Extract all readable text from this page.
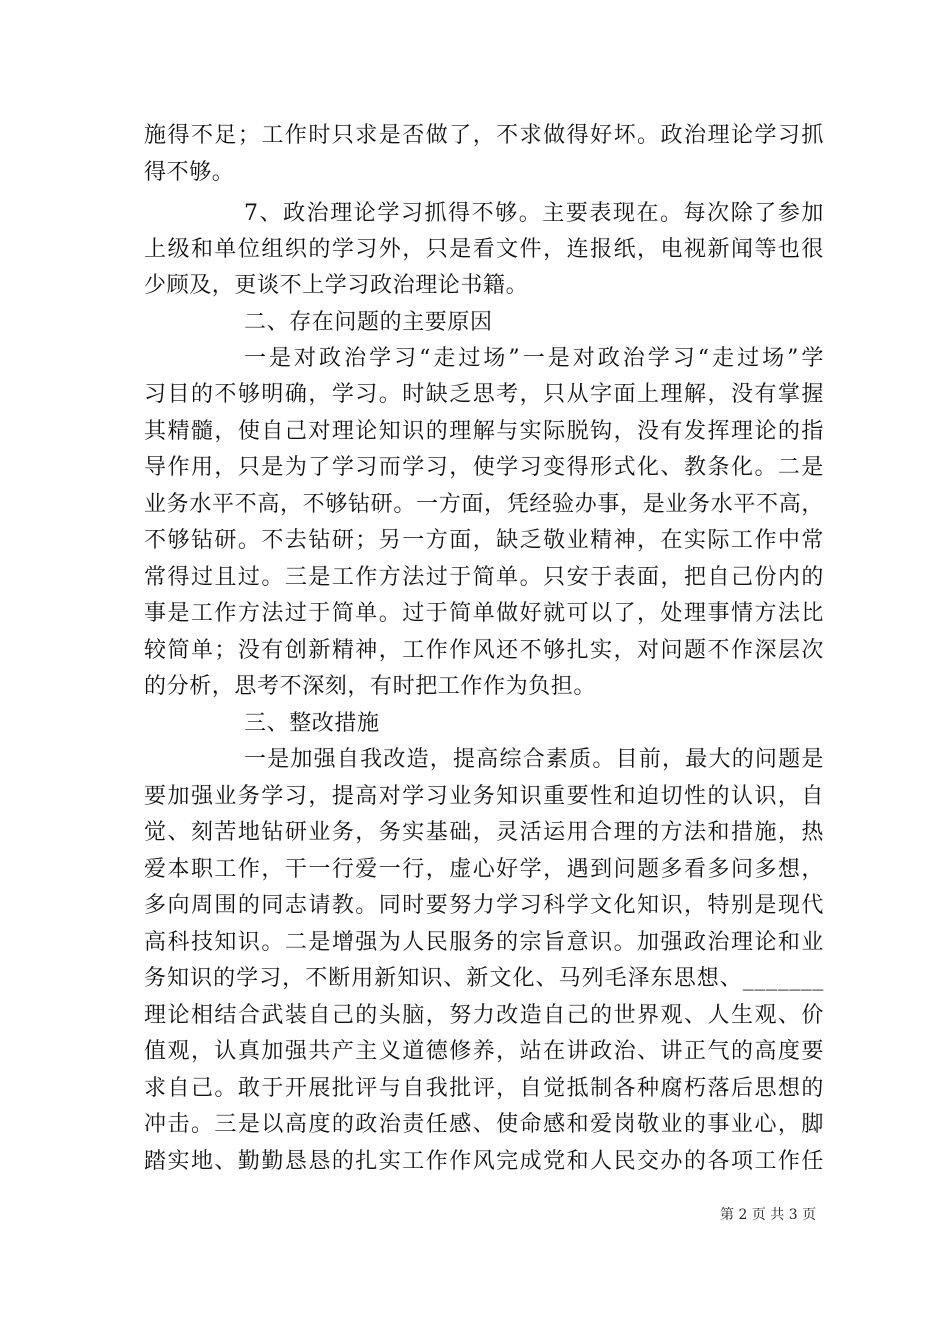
施得不足；工作时只求是否做了，不求做得好坏。政治理论学习抓
得不够。
7、政治理论学习抓得不够。主要表现在。每次除了参加
上级和单位组织的学习外，只是看文件，连报纸，电视新闻等也很
少顾及，更谈不上学习政治理论书籍。
二、存在问题的主要原因
一是对政治学习“走过场”一是对政治学习“走过场”学
习目的不够明确，学习。时缺乏思考，只从字面上理解，没有掌握
其精髓，使自己对理论知识的理解与实际脱钩，没有发挥理论的指
导作用，只是为了学习而学习，使学习变得形式化、教条化。二是
业务水平不高，不够钻研。一方面，凭经验办事，是业务水平不高，
不够钻研。不去钻研；另一方面，缺乏敬业精神，在实际工作中常
常得过且过。三是工作方法过于简单。只安于表面，把自己份内的
事是工作方法过于简单。过于简单做好就可以了，处理事情方法比
较简单；没有创新精神，工作作风还不够扎实，对问题不作深层次
的分析，思考不深刻，有时把工作作为负担。
三、整改措施
一是加强自我改造，提高综合素质。目前，最大的问题是
要加强业务学习，提高对学习业务知识重要性和迫切性的认识，自
觉、刻苦地钻研业务，务实基础，灵活运用合理的方法和措施，热
爱本职工作，干一行爱一行，虚心好学，遇到问题多看多问多想，
多向周围的同志请教。同时要努力学习科学文化知识，特别是现代
高科技知识。二是增强为人民服务的宗旨意识。加强政治理论和业
务知识的学习，不断用新知识、新文化、马列毛泽东思想、_______
理论相结合武装自己的头脑，努力改造自己的世界观、人生观、价
值观，认真加强共产主义道德修养，站在讲政治、讲正气的高度要
求自己。敢于开展批评与自我批评，自觉抵制各种腐朽落后思想的
冲击。三是以高度的政治责任感、使命感和爱岗敬业的事业心，脚
踏实地、勤勤恳恳的扎实工作作风完成党和人民交办的各项工作任
第 2 页 共 3 页
